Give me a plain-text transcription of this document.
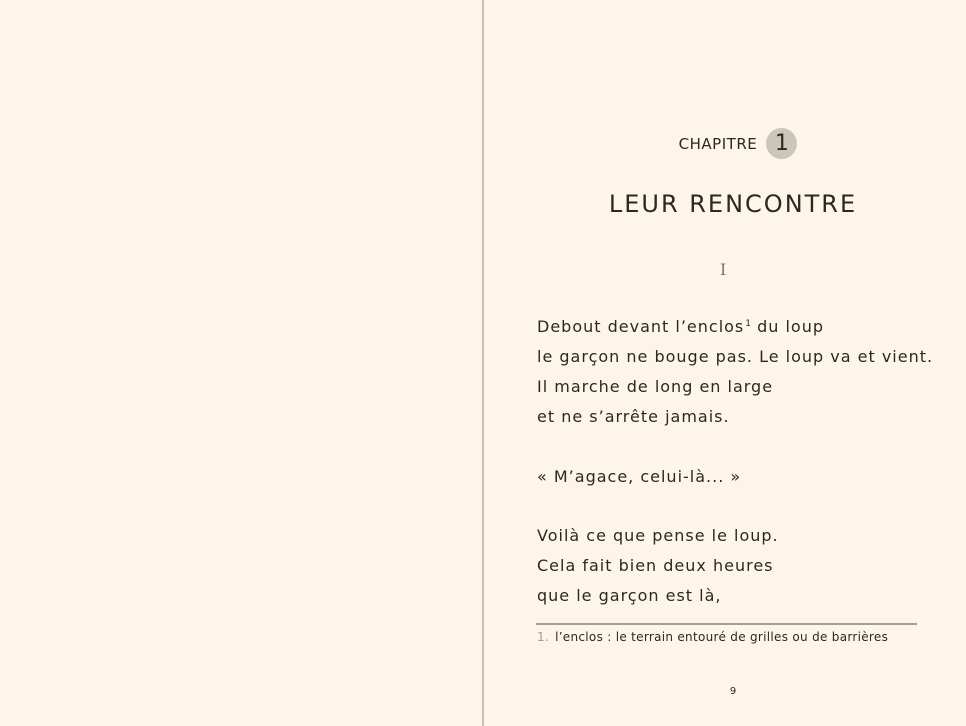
CHAPITRE 1
LEUR RENCONTRE
I
Debout devant l’enclos$^1$ du loup
le garçon ne bouge pas. Le loup va et vient.
Il marche de long en large
et ne s’arrête jamais.
« M’agace, celui-là... »
Voilà ce que pense le loup.
Cela fait bien deux heures
que le garçon est là,
1. l’enclos : le terrain entouré de grilles ou de barrières
9
